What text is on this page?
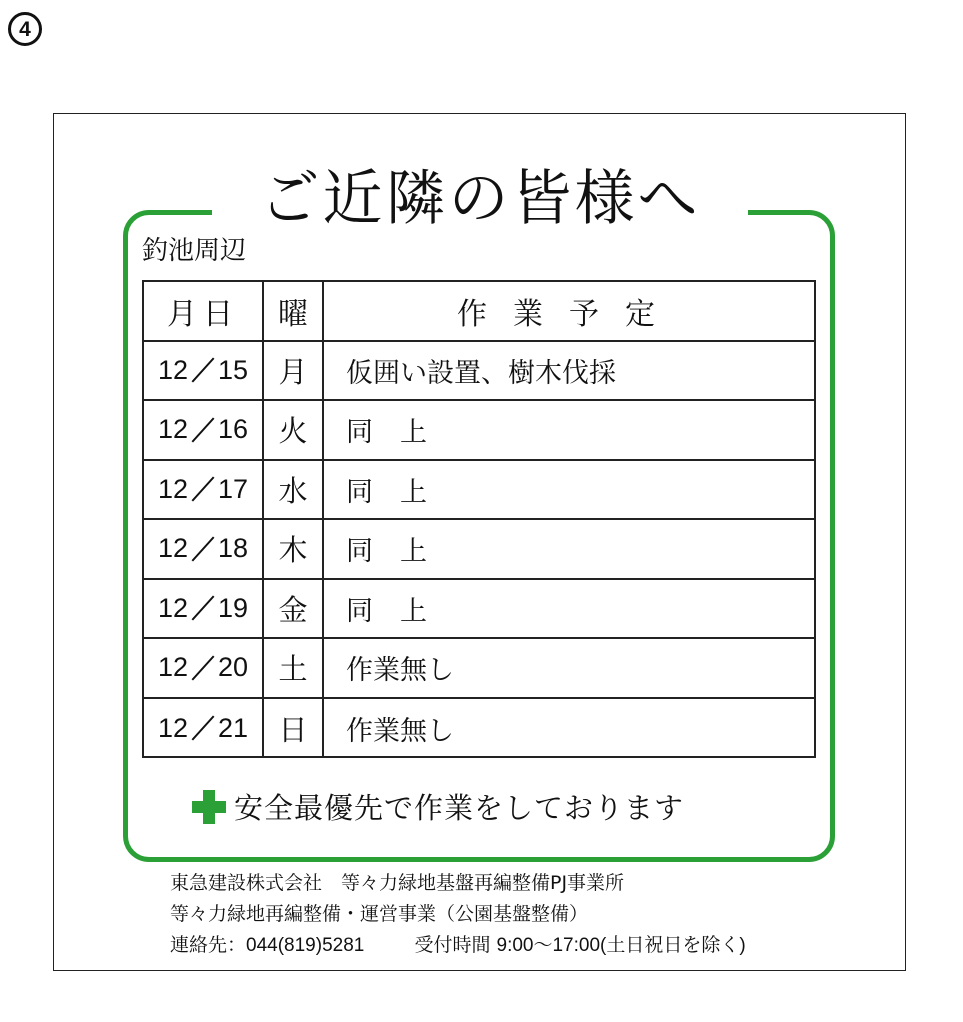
4
ご近隣の皆様へ
釣池周辺
月日	曜	作業予定
12 15	月	仮囲い設置、樹木伐採
12 16	火	同　上
12 17	水	同　上
12 18	木	同　上
12 19	金	同　上
12 20	土	作業無し
12 21	日	作業無し
安全最優先で作業をしております
東急建設株式会社　等々力緑地基盤再編整備PJ事業所
等々力緑地再編整備・運営事業（公園基盤整備）
連絡先：044(819)5281	受付時間 9:00〜17:00(土日祝日を除く)
